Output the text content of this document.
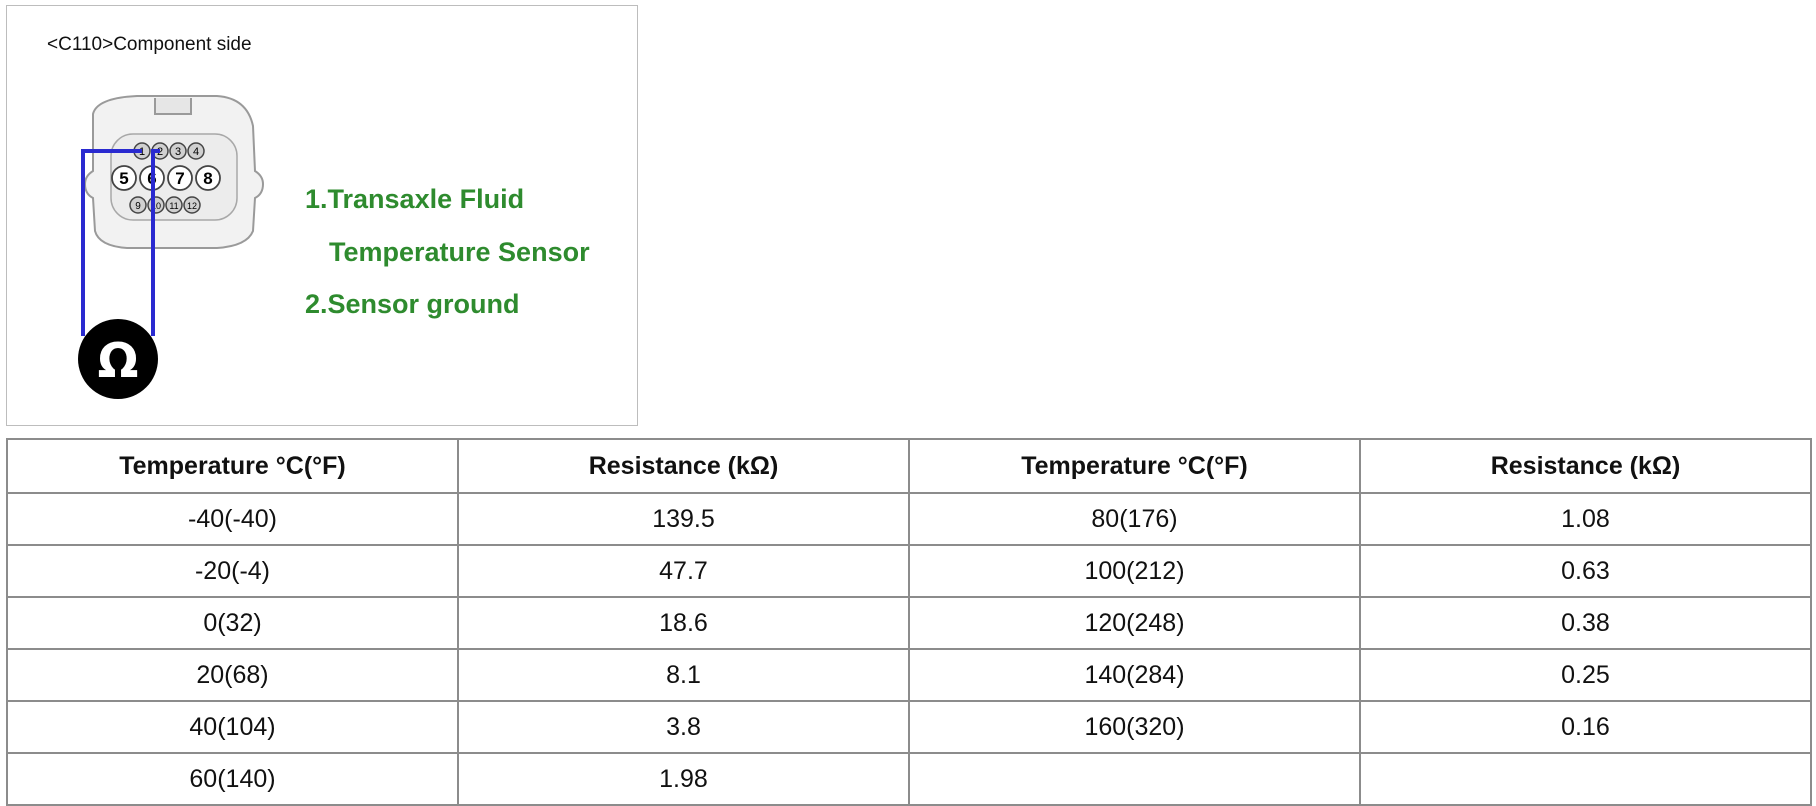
1 2 3 4
5 6 7 8
9 10 11 12
Ω
<C110>Component side
1.Transaxle Fluid
Temperature Sensor
2.Sensor ground
Temperature °C(°F)	Resistance (kΩ)	Temperature °C(°F)	Resistance (kΩ)
-40(-40)	139.5	80(176)	1.08
-20(-4)	47.7	100(212)	0.63
0(32)	18.6	120(248)	0.38
20(68)	8.1	140(284)	0.25
40(104)	3.8	160(320)	0.16
60(140)	1.98		
